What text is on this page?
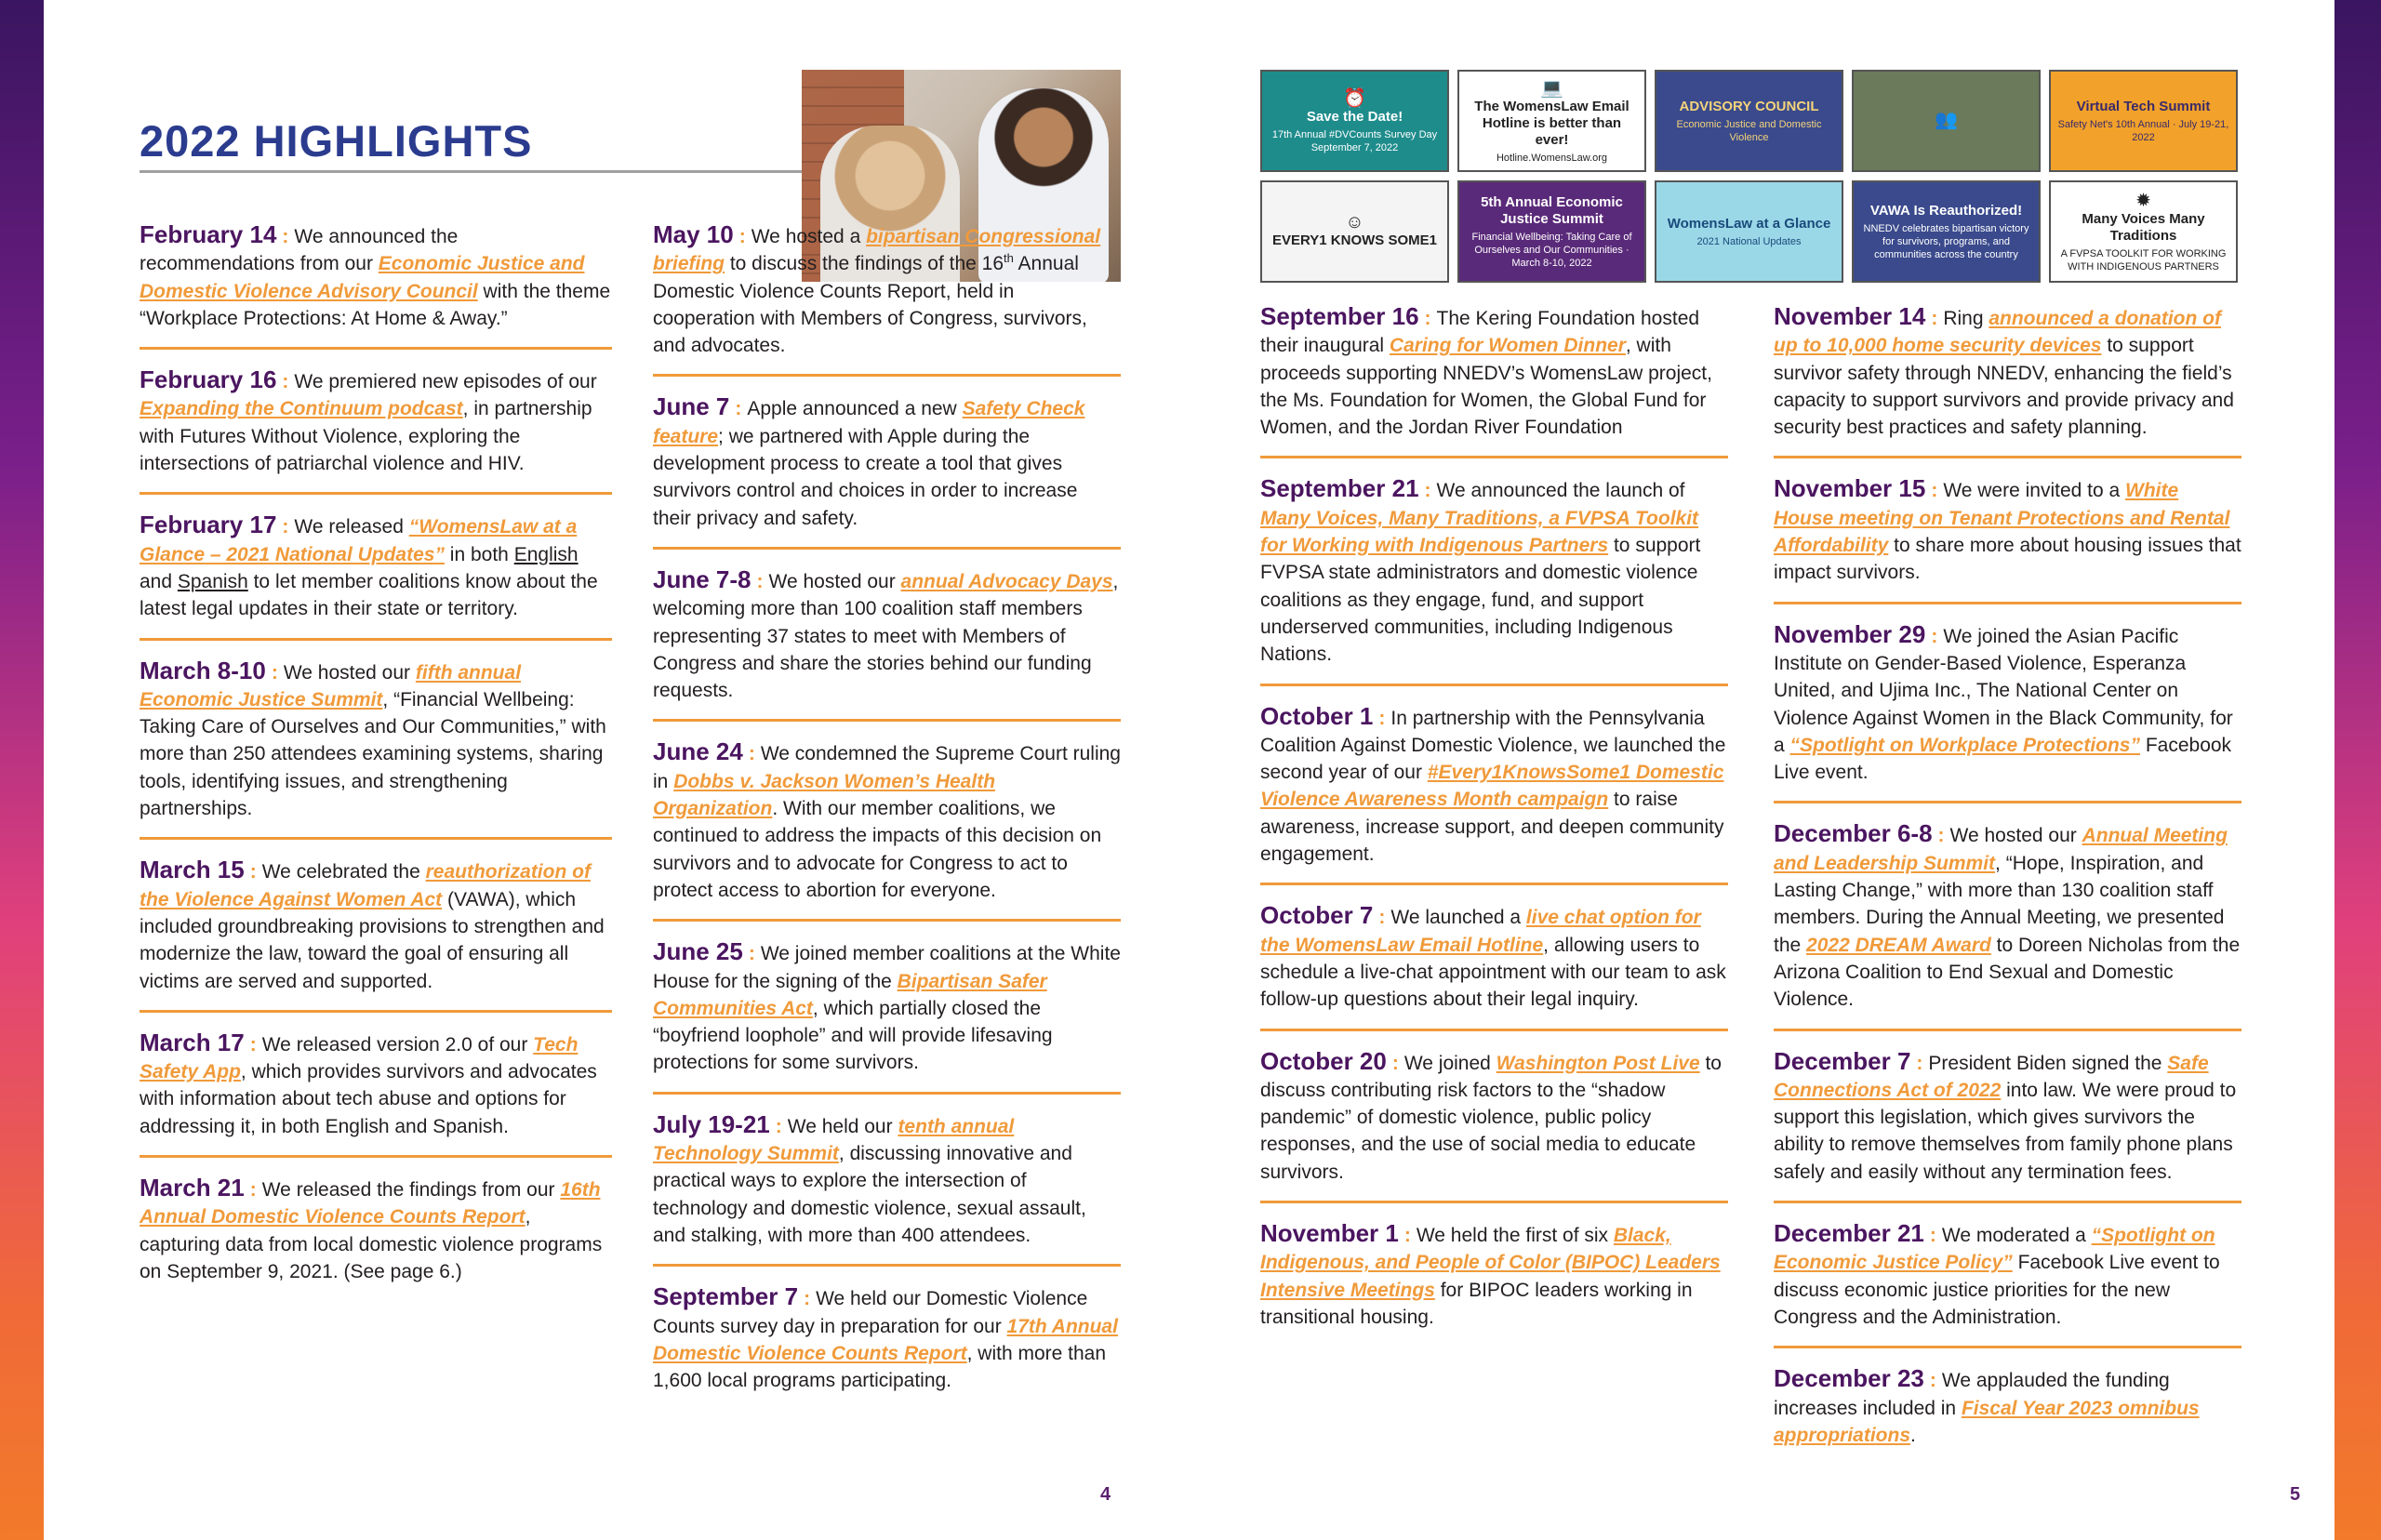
2022 HIGHLIGHTS
⏰
Save the Date!
17th Annual #DVCounts Survey Day September 7, 2022
💻
The WomensLaw Email Hotline is better than ever!
Hotline.WomensLaw.org
ADVISORY COUNCIL
Economic Justice and Domestic Violence
👥
Virtual Tech Summit
Safety Net's 10th Annual · July 19-21, 2022
☺
EVERY1 KNOWS SOME1
5th Annual Economic Justice Summit
Financial Wellbeing: Taking Care of Ourselves and Our Communities · March 8-10, 2022
WomensLaw at a Glance
2021 National Updates
VAWA Is Reauthorized!
NNEDV celebrates bipartisan victory for survivors, programs, and communities across the country
✹
Many Voices Many Traditions
A FVPSA TOOLKIT FOR WORKING WITH INDIGENOUS PARTNERS

February 14 : We announced the recommendations from our Economic Justice and Domestic Violence Advisory Council with the theme “Workplace Protections: At Home & Away.”

February 16 : We premiered new episodes of our Expanding the Continuum podcast, in partnership with Futures Without Violence, exploring the intersections of patriarchal violence and HIV.

February 17 : We released “WomensLaw at a Glance – 2021 National Updates” in both English and Spanish to let member coalitions know about the latest legal updates in their state or territory.

March 8-10 : We hosted our fifth annual Economic Justice Summit, “Financial Wellbeing: Taking Care of Ourselves and Our Communities,” with more than 250 attendees examining systems, sharing tools, identifying issues, and strengthening partnerships.

March 15 : We celebrated the reauthorization of the Violence Against Women Act (VAWA), which included groundbreaking provisions to strengthen and modernize the law, toward the goal of ensuring all victims are served and supported.

March 17 : We released version 2.0 of our Tech Safety App, which provides survivors and advocates with information about tech abuse and options for addressing it, in both English and Spanish.

March 21 : We released the findings from our 16th Annual Domestic Violence Counts Report, capturing data from local domestic violence programs on September 9, 2021. (See page 6.)

May 10 : We hosted a bipartisan Congressional briefing to discuss the findings of the 16th Annual Domestic Violence Counts Report, held in cooperation with Members of Congress, survivors, and advocates.

June 7 : Apple announced a new Safety Check feature; we partnered with Apple during the development process to create a tool that gives survivors control and choices in order to increase their privacy and safety.

June 7-8 : We hosted our annual Advocacy Days, welcoming more than 100 coalition staff members representing 37 states to meet with Members of Congress and share the stories behind our funding requests.

June 24 : We condemned the Supreme Court ruling in Dobbs v. Jackson Women’s Health Organization. With our member coalitions, we continued to address the impacts of this decision on survivors and to advocate for Congress to act to protect access to abortion for everyone.

June 25 : We joined member coalitions at the White House for the signing of the Bipartisan Safer Communities Act, which partially closed the “boyfriend loophole” and will provide lifesaving protections for some survivors.

July 19-21 : We held our tenth annual Technology Summit, discussing innovative and practical ways to explore the intersection of technology and domestic violence, sexual assault, and stalking, with more than 400 attendees.

September 7 : We held our Domestic Violence Counts survey day in preparation for our 17th Annual Domestic Violence Counts Report, with more than 1,600 local programs participating.

September 16 : The Kering Foundation hosted their inaugural Caring for Women Dinner, with proceeds supporting NNEDV’s WomensLaw project, the Ms. Foundation for Women, the Global Fund for Women, and the Jordan River Foundation

September 21 : We announced the launch of Many Voices, Many Traditions, a FVPSA Toolkit for Working with Indigenous Partners to support FVPSA state administrators and domestic violence coalitions as they engage, fund, and support underserved communities, including Indigenous Nations.

October 1 : In partnership with the Pennsylvania Coalition Against Domestic Violence, we launched the second year of our #Every1KnowsSome1 Domestic Violence Awareness Month campaign to raise awareness, increase support, and deepen community engagement.

October 7 : We launched a live chat option for the WomensLaw Email Hotline, allowing users to schedule a live-chat appointment with our team to ask follow-up questions about their legal inquiry.

October 20 : We joined Washington Post Live to discuss contributing risk factors to the “shadow pandemic” of domestic violence, public policy responses, and the use of social media to educate survivors.

November 1 : We held the first of six Black, Indigenous, and People of Color (BIPOC) Leaders Intensive Meetings for BIPOC leaders working in transitional housing.

November 14 : Ring announced a donation of up to 10,000 home security devices to support survivor safety through NNEDV, enhancing the field’s capacity to support survivors and provide privacy and security best practices and safety planning.

November 15 : We were invited to a White House meeting on Tenant Protections and Rental Affordability to share more about housing issues that impact survivors.

November 29 : We joined the Asian Pacific Institute on Gender-Based Violence, Esperanza United, and Ujima Inc., The National Center on Violence Against Women in the Black Community, for a “Spotlight on Workplace Protections” Facebook Live event.

December 6-8 : We hosted our Annual Meeting and Leadership Summit, “Hope, Inspiration, and Lasting Change,” with more than 130 coalition staff members. During the Annual Meeting, we presented the 2022 DREAM Award to Doreen Nicholas from the Arizona Coalition to End Sexual and Domestic Violence.

December 7 : President Biden signed the Safe Connections Act of 2022 into law. We were proud to support this legislation, which gives survivors the ability to remove themselves from family phone plans safely and easily without any termination fees.

December 21 : We moderated a “Spotlight on Economic Justice Policy” Facebook Live event to discuss economic justice priorities for the new Congress and the Administration.

December 23 : We applauded the funding increases included in Fiscal Year 2023 omnibus appropriations.

4	5
